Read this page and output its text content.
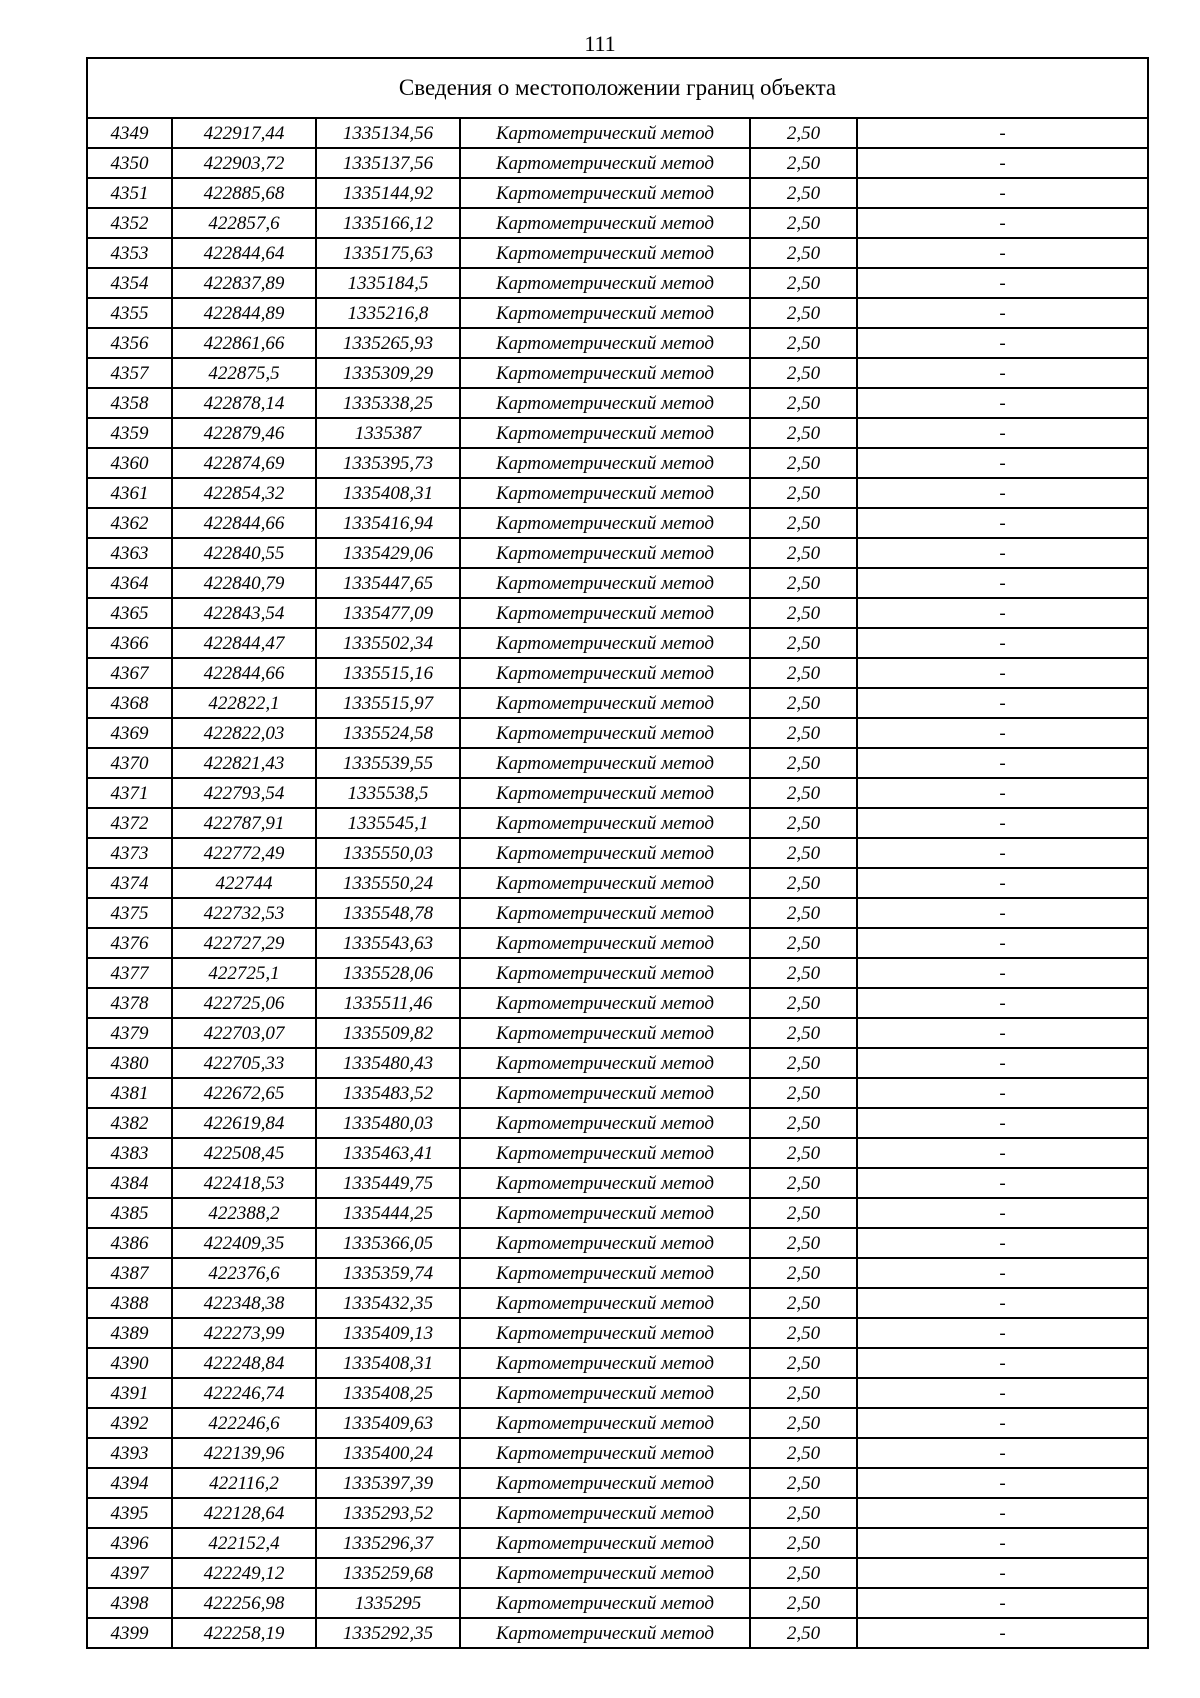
111
Сведения о местоположении границ объекта
4349	422917,44	1335134,56	Картометрический метод	2,50	-
4350	422903,72	1335137,56	Картометрический метод	2,50	-
4351	422885,68	1335144,92	Картометрический метод	2,50	-
4352	422857,6	1335166,12	Картометрический метод	2,50	-
4353	422844,64	1335175,63	Картометрический метод	2,50	-
4354	422837,89	1335184,5	Картометрический метод	2,50	-
4355	422844,89	1335216,8	Картометрический метод	2,50	-
4356	422861,66	1335265,93	Картометрический метод	2,50	-
4357	422875,5	1335309,29	Картометрический метод	2,50	-
4358	422878,14	1335338,25	Картометрический метод	2,50	-
4359	422879,46	1335387	Картометрический метод	2,50	-
4360	422874,69	1335395,73	Картометрический метод	2,50	-
4361	422854,32	1335408,31	Картометрический метод	2,50	-
4362	422844,66	1335416,94	Картометрический метод	2,50	-
4363	422840,55	1335429,06	Картометрический метод	2,50	-
4364	422840,79	1335447,65	Картометрический метод	2,50	-
4365	422843,54	1335477,09	Картометрический метод	2,50	-
4366	422844,47	1335502,34	Картометрический метод	2,50	-
4367	422844,66	1335515,16	Картометрический метод	2,50	-
4368	422822,1	1335515,97	Картометрический метод	2,50	-
4369	422822,03	1335524,58	Картометрический метод	2,50	-
4370	422821,43	1335539,55	Картометрический метод	2,50	-
4371	422793,54	1335538,5	Картометрический метод	2,50	-
4372	422787,91	1335545,1	Картометрический метод	2,50	-
4373	422772,49	1335550,03	Картометрический метод	2,50	-
4374	422744	1335550,24	Картометрический метод	2,50	-
4375	422732,53	1335548,78	Картометрический метод	2,50	-
4376	422727,29	1335543,63	Картометрический метод	2,50	-
4377	422725,1	1335528,06	Картометрический метод	2,50	-
4378	422725,06	1335511,46	Картометрический метод	2,50	-
4379	422703,07	1335509,82	Картометрический метод	2,50	-
4380	422705,33	1335480,43	Картометрический метод	2,50	-
4381	422672,65	1335483,52	Картометрический метод	2,50	-
4382	422619,84	1335480,03	Картометрический метод	2,50	-
4383	422508,45	1335463,41	Картометрический метод	2,50	-
4384	422418,53	1335449,75	Картометрический метод	2,50	-
4385	422388,2	1335444,25	Картометрический метод	2,50	-
4386	422409,35	1335366,05	Картометрический метод	2,50	-
4387	422376,6	1335359,74	Картометрический метод	2,50	-
4388	422348,38	1335432,35	Картометрический метод	2,50	-
4389	422273,99	1335409,13	Картометрический метод	2,50	-
4390	422248,84	1335408,31	Картометрический метод	2,50	-
4391	422246,74	1335408,25	Картометрический метод	2,50	-
4392	422246,6	1335409,63	Картометрический метод	2,50	-
4393	422139,96	1335400,24	Картометрический метод	2,50	-
4394	422116,2	1335397,39	Картометрический метод	2,50	-
4395	422128,64	1335293,52	Картометрический метод	2,50	-
4396	422152,4	1335296,37	Картометрический метод	2,50	-
4397	422249,12	1335259,68	Картометрический метод	2,50	-
4398	422256,98	1335295	Картометрический метод	2,50	-
4399	422258,19	1335292,35	Картометрический метод	2,50	-
